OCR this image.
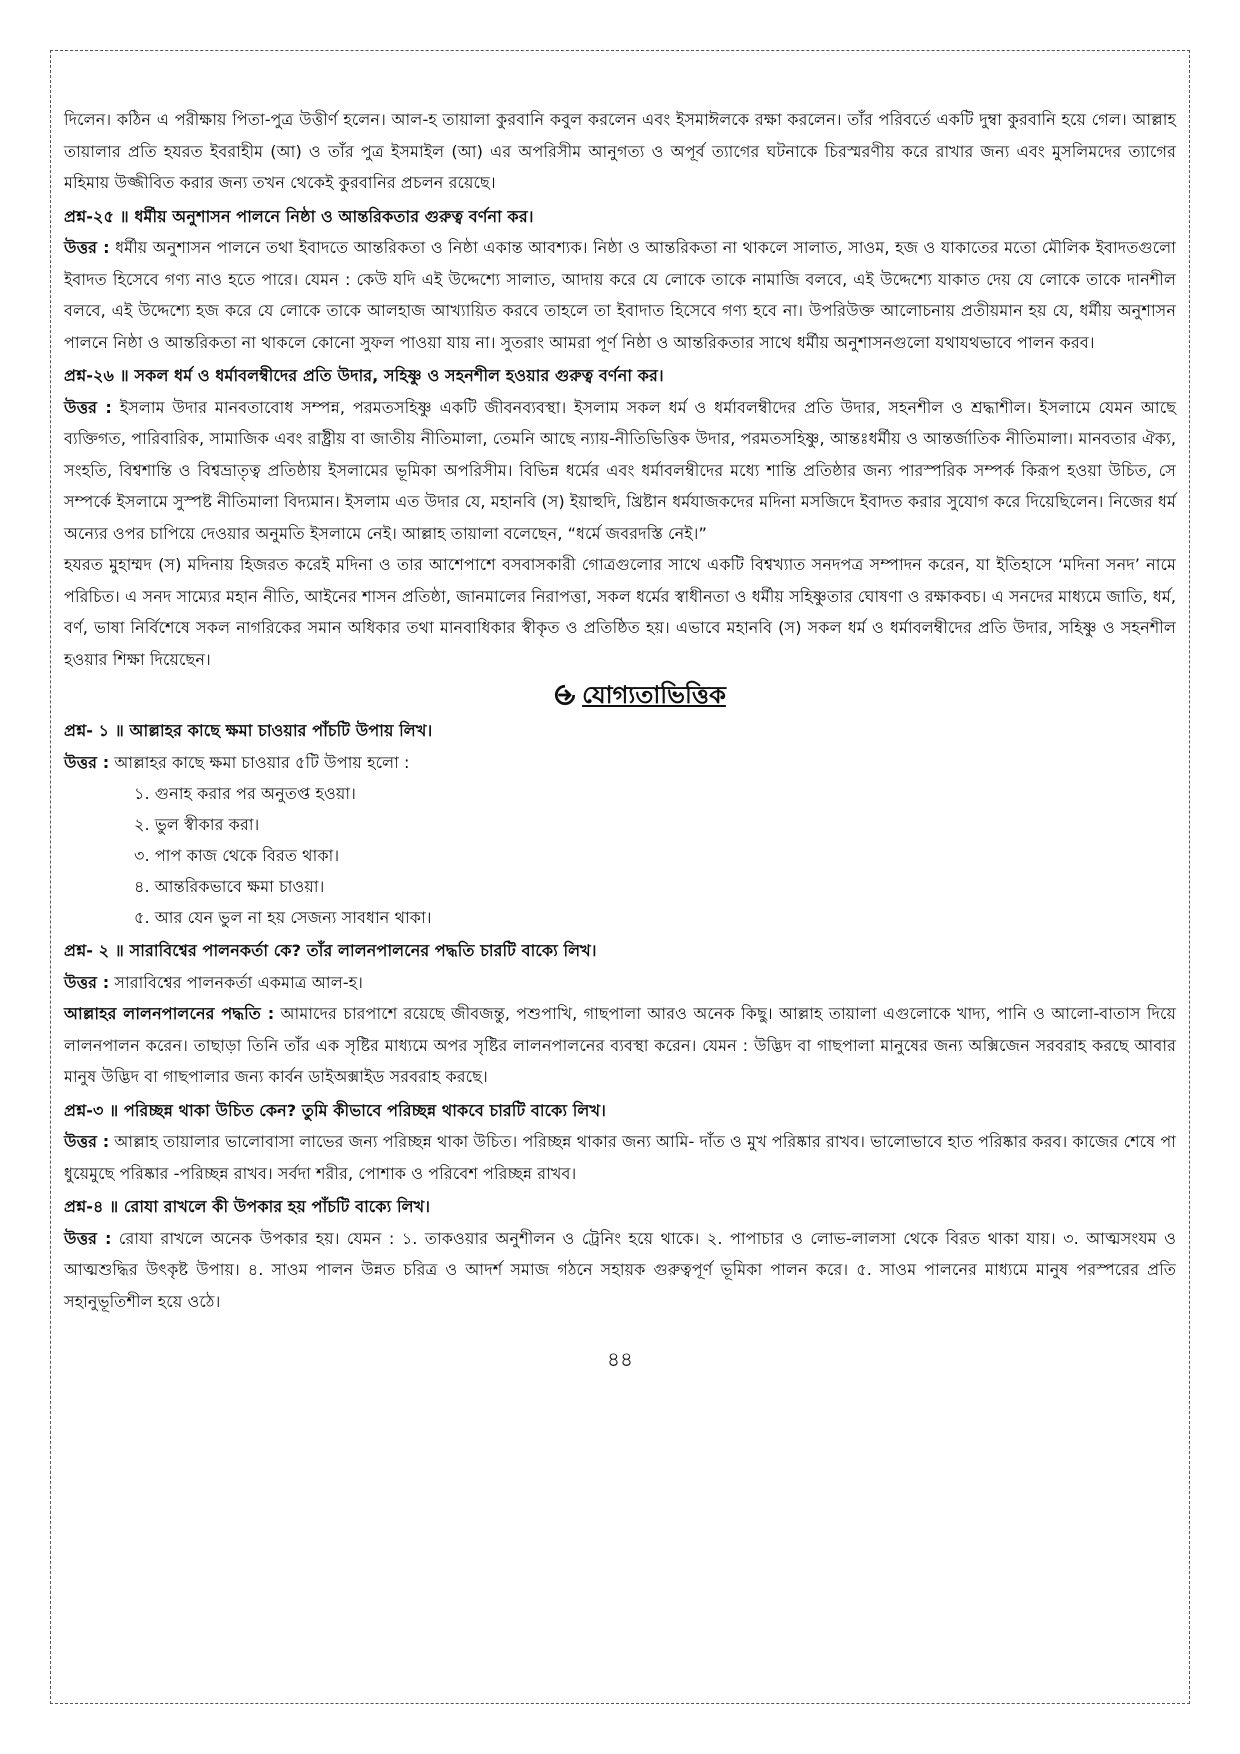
দিলেন। কঠিন এ পরীক্ষায় পিতা-পুত্র উত্তীর্ণ হলেন। আল-হ তায়ালা কুরবানি কবুল করলেন এবং ইসমাঈলকে রক্ষা করলেন। তাঁর পরিবর্তে একটি দুম্বা কুরবানি হয়ে গেল। আল্লাহ তায়ালার প্রতি হযরত ইবরাহীম (আ) ও তাঁর পুত্র ইসমাইল (আ) এর অপরিসীম আনুগত্য ও অপূর্ব ত্যাগের ঘটনাকে চিরস্মরণীয় করে রাখার জন্য এবং মুসলিমদের ত্যাগের মহিমায় উজ্জীবিত করার জন্য তখন থেকেই কুরবানির প্রচলন রয়েছে।

প্রশ্ন-২৫ ॥ ধর্মীয় অনুশাসন পালনে নিষ্ঠা ও আন্তরিকতার গুরুত্ব বর্ণনা কর।

উত্তর : ধর্মীয় অনুশাসন পালনে তথা ইবাদতে আন্তরিকতা ও নিষ্ঠা একান্ত আবশ্যক। নিষ্ঠা ও আন্তরিকতা না থাকলে সালাত, সাওম, হজ ও যাকাতের মতো মৌলিক ইবাদতগুলো ইবাদত হিসেবে গণ্য নাও হতে পারে। যেমন : কেউ যদি এই উদ্দেশ্যে সালাত, আদায় করে যে লোকে তাকে নামাজি বলবে, এই উদ্দেশ্যে যাকাত দেয় যে লোকে তাকে দানশীল বলবে, এই উদ্দেশ্যে হজ করে যে লোকে তাকে আলহাজ আখ্যায়িত করবে তাহলে তা ইবাদাত হিসেবে গণ্য হবে না। উপরিউক্ত আলোচনায় প্রতীয়মান হয় যে, ধর্মীয় অনুশাসন পালনে নিষ্ঠা ও আন্তরিকতা না থাকলে কোনো সুফল পাওয়া যায় না। সুতরাং আমরা পূর্ণ নিষ্ঠা ও আন্তরিকতার সাথে ধর্মীয় অনুশাসনগুলো যথাযথভাবে পালন করব।

প্রশ্ন-২৬ ॥ সকল ধর্ম ও ধর্মাবলম্বীদের প্রতি উদার, সহিষ্ণু ও সহনশীল হওয়ার গুরুত্ব বর্ণনা কর।

উত্তর : ইসলাম উদার মানবতাবোধ সম্পন্ন, পরমতসহিষ্ণু একটি জীবনব্যবস্থা। ইসলাম সকল ধর্ম ও ধর্মাবলম্বীদের প্রতি উদার, সহনশীল ও শ্রদ্ধাশীল। ইসলামে যেমন আছে ব্যক্তিগত, পারিবারিক, সামাজিক এবং রাষ্ট্রীয় বা জাতীয় নীতিমালা, তেমনি আছে ন্যায়-নীতিভিত্তিক উদার, পরমতসহিষ্ণু, আন্তঃধর্মীয় ও আন্তর্জাতিক নীতিমালা। মানবতার ঐক্য, সংহতি, বিশ্বশান্তি ও বিশ্বভ্রাতৃত্ব প্রতিষ্ঠায় ইসলামের ভূমিকা অপরিসীম। বিভিন্ন ধর্মের এবং ধর্মাবলম্বীদের মধ্যে শান্তি প্রতিষ্ঠার জন্য পারস্পরিক সম্পর্ক কিরূপ হওয়া উচিত, সে সম্পর্কে ইসলামে সুস্পষ্ট নীতিমালা বিদ্যমান। ইসলাম এত উদার যে, মহানবি (স) ইয়াহুদি, খ্রিষ্টান ধর্মযাজকদের মদিনা মসজিদে ইবাদত করার সুযোগ করে দিয়েছিলেন। নিজের ধর্ম অন্যের ওপর চাপিয়ে দেওয়ার অনুমতি ইসলামে নেই। আল্লাহ তায়ালা বলেছেন, “ধর্মে জবরদস্তি নেই।”

হযরত মুহাম্মদ (স) মদিনায় হিজরত করেই মদিনা ও তার আশেপাশে বসবাসকারী গোত্রগুলোর সাথে একটি বিশ্বখ্যাত সনদপত্র সম্পাদন করেন, যা ইতিহাসে ‘মদিনা সনদ’ নামে পরিচিত। এ সনদ সাম্যের মহান নীতি, আইনের শাসন প্রতিষ্ঠা, জানমালের নিরাপত্তা, সকল ধর্মের স্বাধীনতা ও ধর্মীয় সহিষ্ণুতার ঘোষণা ও রক্ষাকবচ। এ সনদের মাধ্যমে জাতি, ধর্ম, বর্ণ, ভাষা নির্বিশেষে সকল নাগরিকের সমান অধিকার তথা মানবাধিকার স্বীকৃত ও প্রতিষ্ঠিত হয়। এভাবে মহানবি (স) সকল ধর্ম ও ধর্মাবলম্বীদের প্রতি উদার, সহিষ্ণু ও সহনশীল হওয়ার শিক্ষা দিয়েছেন।

যোগ্যতাভিত্তিক

প্রশ্ন- ১ ॥ আল্লাহর কাছে ক্ষমা চাওয়ার পাঁচটি উপায় লিখ।

উত্তর : আল্লাহর কাছে ক্ষমা চাওয়ার ৫টি উপায় হলো :

১. গুনাহ করার পর অনুতপ্ত হওয়া।
২. ভুল স্বীকার করা।
৩. পাপ কাজ থেকে বিরত থাকা।
৪. আন্তরিকভাবে ক্ষমা চাওয়া।
৫. আর যেন ভুল না হয় সেজন্য সাবধান থাকা।

প্রশ্ন- ২ ॥ সারাবিশ্বের পালনকর্তা কে? তাঁর লালনপালনের পদ্ধতি চারটি বাক্যে লিখ।

উত্তর : সারাবিশ্বের পালনকর্তা একমাত্র আল-হ।

আল্লাহর লালনপালনের পদ্ধতি : আমাদের চারপাশে রয়েছে জীবজন্তু, পশুপাখি, গাছপালা আরও অনেক কিছু। আল্লাহ তায়ালা এগুলোকে খাদ্য, পানি ও আলো-বাতাস দিয়ে লালনপালন করেন। তাছাড়া তিনি তাঁর এক সৃষ্টির মাধ্যমে অপর সৃষ্টির লালনপালনের ব্যবস্থা করেন। যেমন : উদ্ভিদ বা গাছপালা মানুষের জন্য অক্সিজেন সরবরাহ করছে আবার মানুষ উদ্ভিদ বা গাছপালার জন্য কার্বন ডাইঅক্সাইড সরবরাহ করছে।

প্রশ্ন-৩ ॥ পরিচ্ছন্ন থাকা উচিত কেন? তুমি কীভাবে পরিচ্ছন্ন থাকবে চারটি বাক্যে লিখ।

উত্তর : আল্লাহ তায়ালার ভালোবাসা লাভের জন্য পরিচ্ছন্ন থাকা উচিত। পরিচ্ছন্ন থাকার জন্য আমি- দাঁত ও মুখ পরিষ্কার রাখব। ভালোভাবে হাত পরিষ্কার করব। কাজের শেষে পা ধুয়েমুছে পরিষ্কার -পরিচ্ছন্ন রাখব। সর্বদা শরীর, পোশাক ও পরিবেশ পরিচ্ছন্ন রাখব।

প্রশ্ন-৪ ॥ রোযা রাখলে কী উপকার হয় পাঁচটি বাক্যে লিখ।

উত্তর : রোযা রাখলে অনেক উপকার হয়। যেমন : ১. তাকওয়ার অনুশীলন ও ট্রেনিং হয়ে থাকে। ২. পাপাচার ও লোভ-লালসা থেকে বিরত থাকা যায়। ৩. আত্মসংযম ও আত্মশুদ্ধির উৎকৃষ্ট উপায়। ৪. সাওম পালন উন্নত চরিত্র ও আদর্শ সমাজ গঠনে সহায়ক গুরুত্বপূর্ণ ভূমিকা পালন করে। ৫. সাওম পালনের মাধ্যমে মানুষ পরস্পরের প্রতি সহানুভূতিশীল হয়ে ওঠে।

৪৪
